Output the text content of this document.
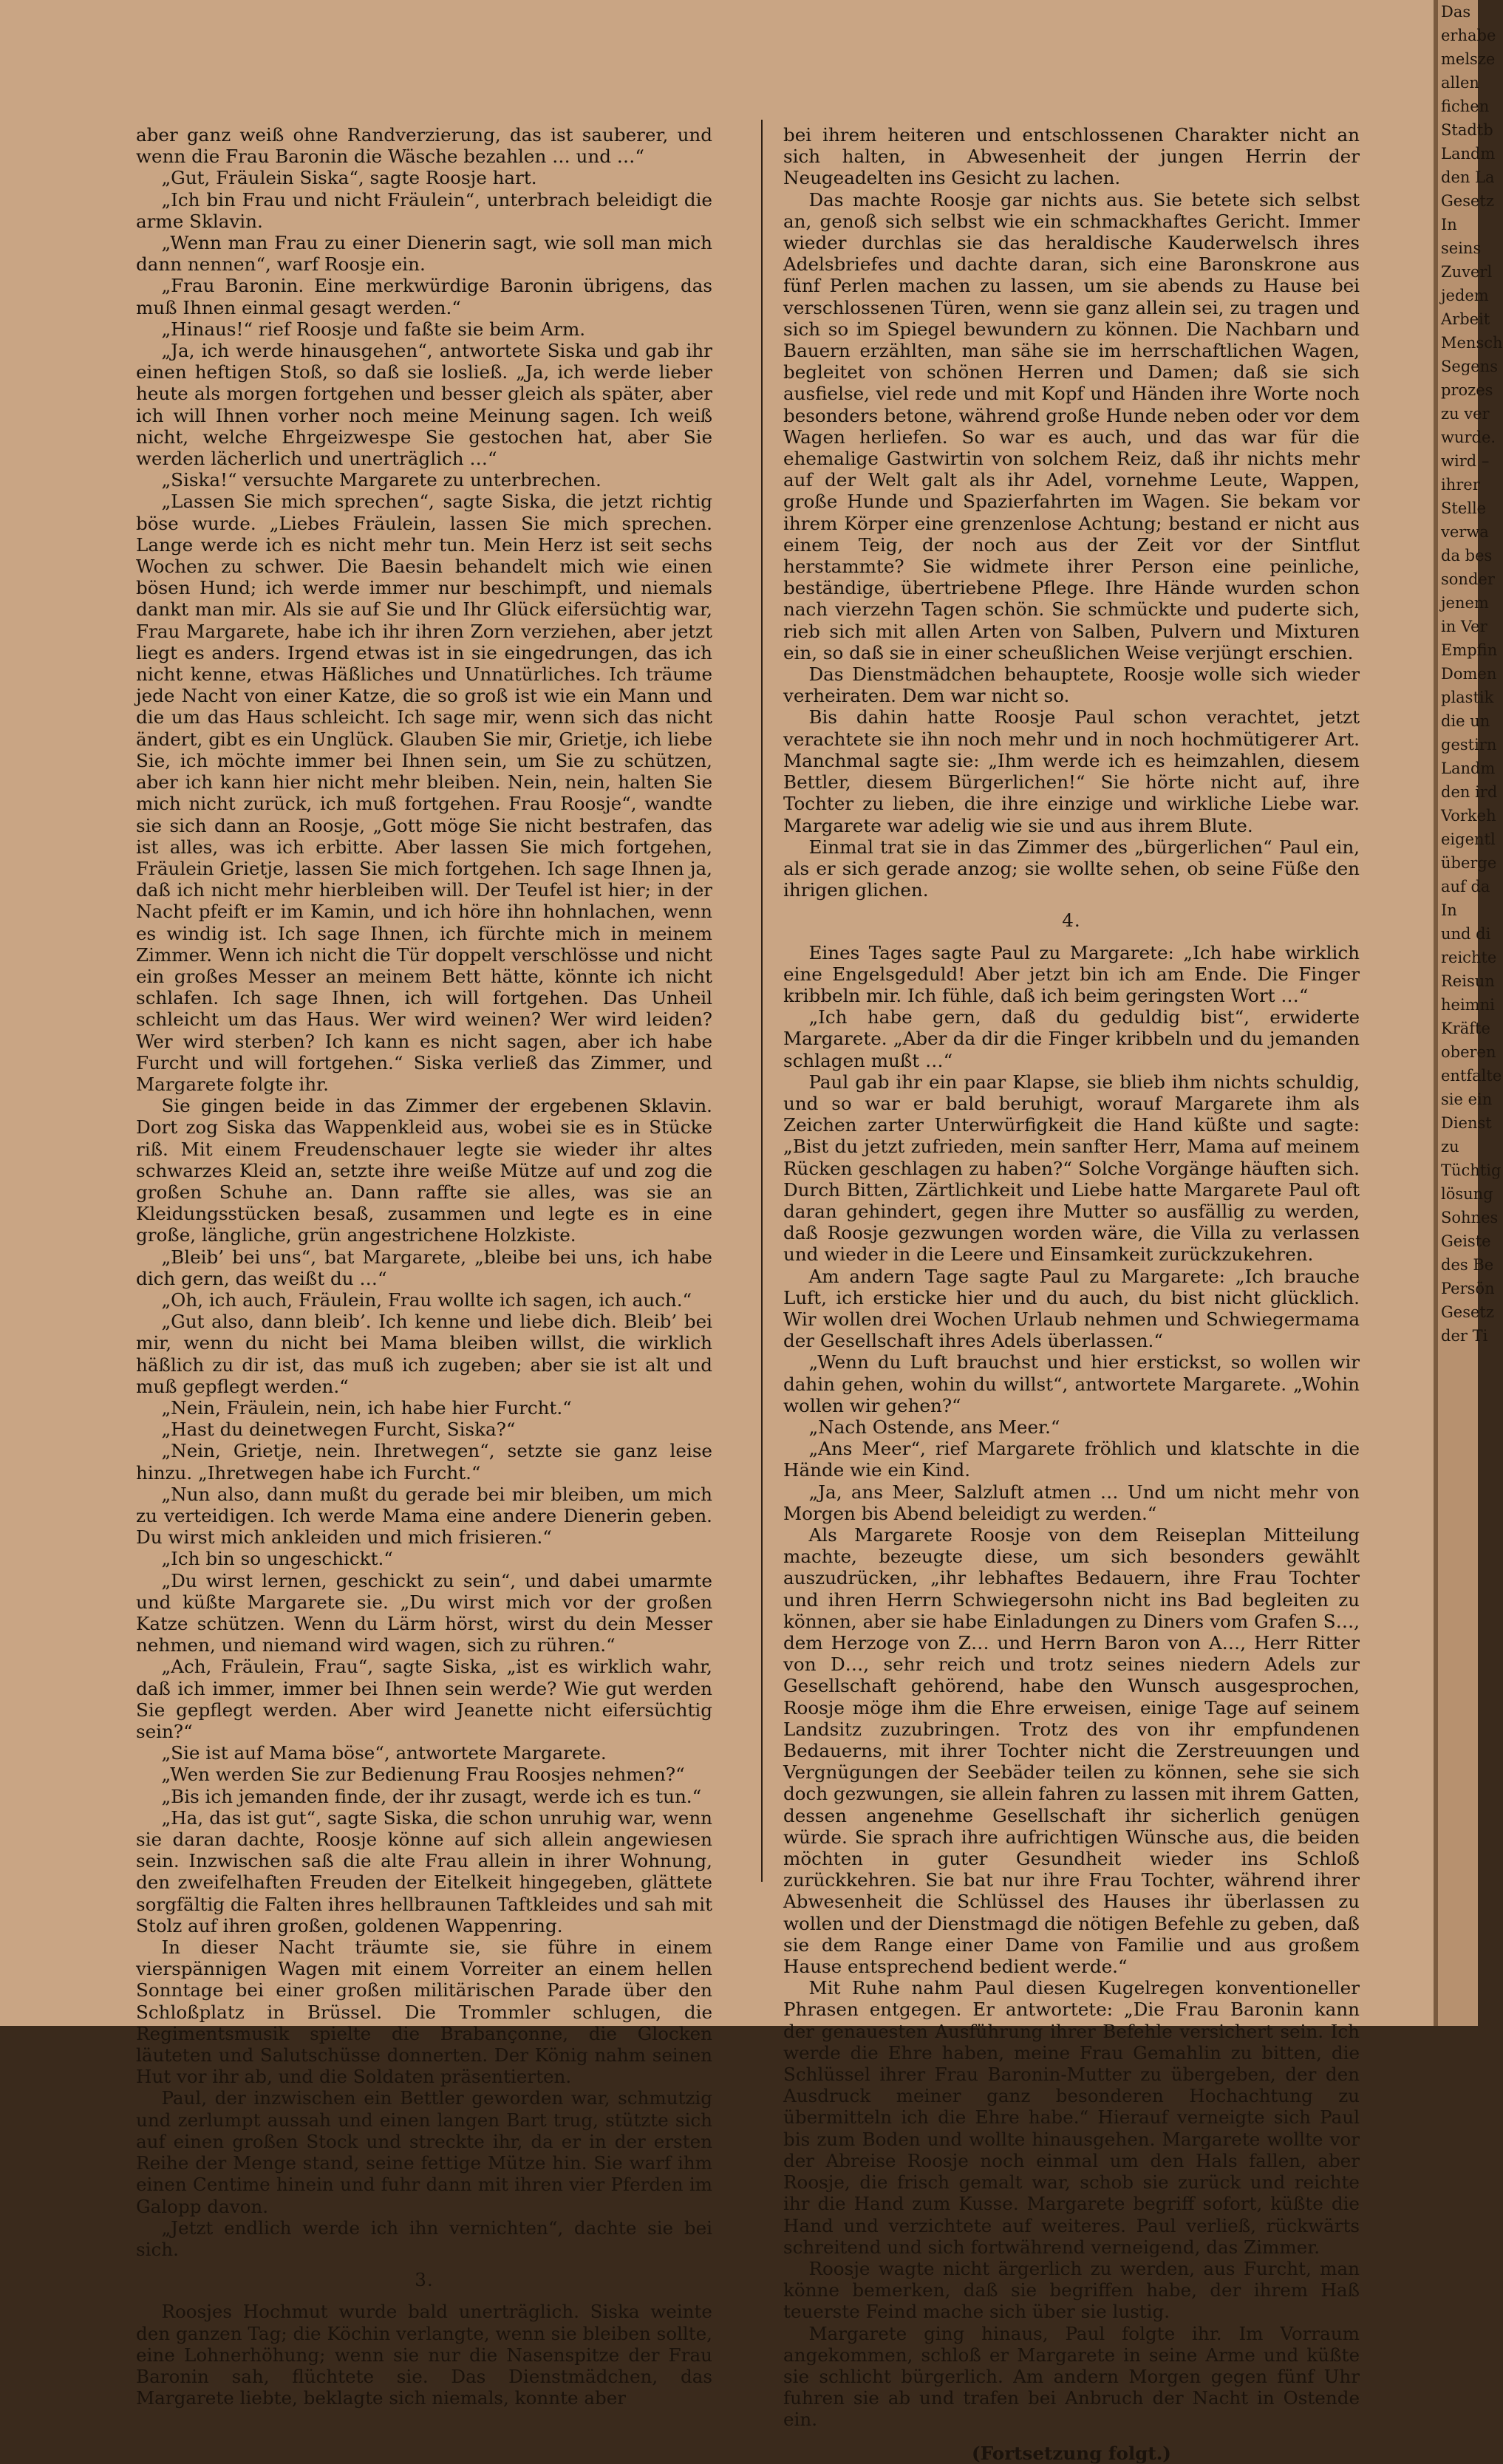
aber ganz weiß ohne Randverzierung, das ist sauberer, und wenn die Frau Baronin die Wäsche bezahlen … und …“

„Gut, Fräulein Siska“, sagte Roosje hart.

„Ich bin Frau und nicht Fräulein“, unterbrach beleidigt die arme Sklavin.

„Wenn man Frau zu einer Dienerin sagt, wie soll man mich dann nennen“, warf Roosje ein.

„Frau Baronin. Eine merkwürdige Baronin übrigens, das muß Ihnen einmal gesagt werden.“

„Hinaus!“ rief Roosje und faßte sie beim Arm.

„Ja, ich werde hinausgehen“, antwortete Siska und gab ihr einen heftigen Stoß, so daß sie losließ. „Ja, ich werde lieber heute als morgen fortgehen und besser gleich als später, aber ich will Ihnen vorher noch meine Meinung sagen. Ich weiß nicht, welche Ehrgeizwespe Sie gestochen hat, aber Sie werden lächerlich und unerträglich …“

„Siska!“ versuchte Margarete zu unterbrechen.

„Lassen Sie mich sprechen“, sagte Siska, die jetzt richtig böse wurde. „Liebes Fräulein, lassen Sie mich sprechen. Lange werde ich es nicht mehr tun. Mein Herz ist seit sechs Wochen zu schwer. Die Baesin behandelt mich wie einen bösen Hund; ich werde immer nur beschimpft, und niemals dankt man mir. Als sie auf Sie und Ihr Glück eifersüchtig war, Frau Margarete, habe ich ihr ihren Zorn verziehen, aber jetzt liegt es anders. Irgend etwas ist in sie eingedrungen, das ich nicht kenne, etwas Häßliches und Unnatürliches. Ich träume jede Nacht von einer Katze, die so groß ist wie ein Mann und die um das Haus schleicht. Ich sage mir, wenn sich das nicht ändert, gibt es ein Unglück. Glauben Sie mir, Grietje, ich liebe Sie, ich möchte immer bei Ihnen sein, um Sie zu schützen, aber ich kann hier nicht mehr bleiben. Nein, nein, halten Sie mich nicht zurück, ich muß fortgehen. Frau Roosje“, wandte sie sich dann an Roosje, „Gott möge Sie nicht bestrafen, das ist alles, was ich erbitte. Aber lassen Sie mich fortgehen, Fräulein Grietje, lassen Sie mich fortgehen. Ich sage Ihnen ja, daß ich nicht mehr hierbleiben will. Der Teufel ist hier; in der Nacht pfeift er im Kamin, und ich höre ihn hohnlachen, wenn es windig ist. Ich sage Ihnen, ich fürchte mich in meinem Zimmer. Wenn ich nicht die Tür doppelt verschlösse und nicht ein großes Messer an meinem Bett hätte, könnte ich nicht schlafen. Ich sage Ihnen, ich will fortgehen. Das Unheil schleicht um das Haus. Wer wird weinen? Wer wird leiden? Wer wird sterben? Ich kann es nicht sagen, aber ich habe Furcht und will fortgehen.“ Siska verließ das Zimmer, und Margarete folgte ihr.

Sie gingen beide in das Zimmer der ergebenen Sklavin. Dort zog Siska das Wappenkleid aus, wobei sie es in Stücke riß. Mit einem Freudenschauer legte sie wieder ihr altes schwarzes Kleid an, setzte ihre weiße Mütze auf und zog die großen Schuhe an. Dann raffte sie alles, was sie an Kleidungsstücken besaß, zusammen und legte es in eine große, längliche, grün angestrichene Holzkiste.

„Bleib’ bei uns“, bat Margarete, „bleibe bei uns, ich habe dich gern, das weißt du …“

„Oh, ich auch, Fräulein, Frau wollte ich sagen, ich auch.“

„Gut also, dann bleib’. Ich kenne und liebe dich. Bleib’ bei mir, wenn du nicht bei Mama bleiben willst, die wirklich häßlich zu dir ist, das muß ich zugeben; aber sie ist alt und muß gepflegt werden.“

„Nein, Fräulein, nein, ich habe hier Furcht.“

„Hast du deinetwegen Furcht, Siska?“

„Nein, Grietje, nein. Ihretwegen“, setzte sie ganz leise hinzu. „Ihretwegen habe ich Furcht.“

„Nun also, dann mußt du gerade bei mir bleiben, um mich zu verteidigen. Ich werde Mama eine andere Dienerin geben. Du wirst mich ankleiden und mich frisieren.“

„Ich bin so ungeschickt.“

„Du wirst lernen, geschickt zu sein“, und dabei umarmte und küßte Margarete sie. „Du wirst mich vor der großen Katze schützen. Wenn du Lärm hörst, wirst du dein Messer nehmen, und niemand wird wagen, sich zu rühren.“

„Ach, Fräulein, Frau“, sagte Siska, „ist es wirklich wahr, daß ich immer, immer bei Ihnen sein werde? Wie gut werden Sie gepflegt werden. Aber wird Jeanette nicht eifersüchtig sein?“

„Sie ist auf Mama böse“, antwortete Margarete.

„Wen werden Sie zur Bedienung Frau Roosjes nehmen?“

„Bis ich jemanden finde, der ihr zusagt, werde ich es tun.“

„Ha, das ist gut“, sagte Siska, die schon unruhig war, wenn sie daran dachte, Roosje könne auf sich allein angewiesen sein. Inzwischen saß die alte Frau allein in ihrer Wohnung, den zweifelhaften Freuden der Eitelkeit hingegeben, glättete sorgfältig die Falten ihres hellbraunen Taftkleides und sah mit Stolz auf ihren großen, goldenen Wappenring.

In dieser Nacht träumte sie, sie führe in einem vierspännigen Wagen mit einem Vorreiter an einem hellen Sonntage bei einer großen militärischen Parade über den Schloßplatz in Brüssel. Die Trommler schlugen, die Regimentsmusik spielte die Brabançonne, die Glocken läuteten und Salutschüsse donnerten. Der König nahm seinen Hut vor ihr ab, und die Soldaten präsentierten.

Paul, der inzwischen ein Bettler geworden war, schmutzig und zerlumpt aussah und einen langen Bart trug, stützte sich auf einen großen Stock und streckte ihr, da er in der ersten Reihe der Menge stand, seine fettige Mütze hin. Sie warf ihm einen Centime hinein und fuhr dann mit ihren vier Pferden im Galopp davon.

„Jetzt endlich werde ich ihn vernichten“, dachte sie bei sich.

3.

Roosjes Hochmut wurde bald unerträglich. Siska weinte den ganzen Tag; die Köchin verlangte, wenn sie bleiben sollte, eine Lohnerhöhung; wenn sie nur die Nasenspitze der Frau Baronin sah, flüchtete sie. Das Dienstmädchen, das Margarete liebte, beklagte sich niemals, konnte aber

bei ihrem heiteren und entschlossenen Charakter nicht an sich halten, in Abwesenheit der jungen Herrin der Neugeadelten ins Gesicht zu lachen.

Das machte Roosje gar nichts aus. Sie betete sich selbst an, genoß sich selbst wie ein schmackhaftes Gericht. Immer wieder durchlas sie das heraldische Kauderwelsch ihres Adelsbriefes und dachte daran, sich eine Baronskrone aus fünf Perlen machen zu lassen, um sie abends zu Hause bei verschlossenen Türen, wenn sie ganz allein sei, zu tragen und sich so im Spiegel bewundern zu können. Die Nachbarn und Bauern erzählten, man sähe sie im herrschaftlichen Wagen, begleitet von schönen Herren und Damen; daß sie sich ausfielse, viel rede und mit Kopf und Händen ihre Worte noch besonders betone, während große Hunde neben oder vor dem Wagen herliefen. So war es auch, und das war für die ehemalige Gastwirtin von solchem Reiz, daß ihr nichts mehr auf der Welt galt als ihr Adel, vornehme Leute, Wappen, große Hunde und Spazierfahrten im Wagen. Sie bekam vor ihrem Körper eine grenzenlose Achtung; bestand er nicht aus einem Teig, der noch aus der Zeit vor der Sintflut herstammte? Sie widmete ihrer Person eine peinliche, beständige, übertriebene Pflege. Ihre Hände wurden schon nach vierzehn Tagen schön. Sie schmückte und puderte sich, rieb sich mit allen Arten von Salben, Pulvern und Mixturen ein, so daß sie in einer scheußlichen Weise verjüngt erschien.

Das Dienstmädchen behauptete, Roosje wolle sich wieder verheiraten. Dem war nicht so.

Bis dahin hatte Roosje Paul schon verachtet, jetzt verachtete sie ihn noch mehr und in noch hochmütigerer Art. Manchmal sagte sie: „Ihm werde ich es heimzahlen, diesem Bettler, diesem Bürgerlichen!“ Sie hörte nicht auf, ihre Tochter zu lieben, die ihre einzige und wirkliche Liebe war. Margarete war adelig wie sie und aus ihrem Blute.

Einmal trat sie in das Zimmer des „bürgerlichen“ Paul ein, als er sich gerade anzog; sie wollte sehen, ob seine Füße den ihrigen glichen.

4.

Eines Tages sagte Paul zu Margarete: „Ich habe wirklich eine Engelsgeduld! Aber jetzt bin ich am Ende. Die Finger kribbeln mir. Ich fühle, daß ich beim geringsten Wort …“

„Ich habe gern, daß du geduldig bist“, erwiderte Margarete. „Aber da dir die Finger kribbeln und du jemanden schlagen mußt …“

Paul gab ihr ein paar Klapse, sie blieb ihm nichts schuldig, und so war er bald beruhigt, worauf Margarete ihm als Zeichen zarter Unterwürfigkeit die Hand küßte und sagte: „Bist du jetzt zufrieden, mein sanfter Herr, Mama auf meinem Rücken geschlagen zu haben?“ Solche Vorgänge häuften sich. Durch Bitten, Zärtlichkeit und Liebe hatte Margarete Paul oft daran gehindert, gegen ihre Mutter so ausfällig zu werden, daß Roosje gezwungen worden wäre, die Villa zu verlassen und wieder in die Leere und Einsamkeit zurückzukehren.

Am andern Tage sagte Paul zu Margarete: „Ich brauche Luft, ich ersticke hier und du auch, du bist nicht glücklich. Wir wollen drei Wochen Urlaub nehmen und Schwiegermama der Gesellschaft ihres Adels überlassen.“

„Wenn du Luft brauchst und hier erstickst, so wollen wir dahin gehen, wohin du willst“, antwortete Margarete. „Wohin wollen wir gehen?“

„Nach Ostende, ans Meer.“

„Ans Meer“, rief Margarete fröhlich und klatschte in die Hände wie ein Kind.

„Ja, ans Meer, Salzluft atmen … Und um nicht mehr von Morgen bis Abend beleidigt zu werden.“

Als Margarete Roosje von dem Reiseplan Mitteilung machte, bezeugte diese, um sich besonders gewählt auszudrücken, „ihr lebhaftes Bedauern, ihre Frau Tochter und ihren Herrn Schwiegersohn nicht ins Bad begleiten zu können, aber sie habe Einladungen zu Diners vom Grafen S…, dem Herzoge von Z… und Herrn Baron von A…, Herr Ritter von D…, sehr reich und trotz seines niedern Adels zur Gesellschaft gehörend, habe den Wunsch ausgesprochen, Roosje möge ihm die Ehre erweisen, einige Tage auf seinem Landsitz zuzubringen. Trotz des von ihr empfundenen Bedauerns, mit ihrer Tochter nicht die Zerstreuungen und Vergnügungen der Seebäder teilen zu können, sehe sie sich doch gezwungen, sie allein fahren zu lassen mit ihrem Gatten, dessen angenehme Gesellschaft ihr sicherlich genügen würde. Sie sprach ihre aufrichtigen Wünsche aus, die beiden möchten in guter Gesundheit wieder ins Schloß zurückkehren. Sie bat nur ihre Frau Tochter, während ihrer Abwesenheit die Schlüssel des Hauses ihr überlassen zu wollen und der Dienstmagd die nötigen Befehle zu geben, daß sie dem Range einer Dame von Familie und aus großem Hause entsprechend bedient werde.“

Mit Ruhe nahm Paul diesen Kugelregen konventioneller Phrasen entgegen. Er antwortete: „Die Frau Baronin kann der genauesten Ausführung ihrer Befehle versichert sein. Ich werde die Ehre haben, meine Frau Gemahlin zu bitten, die Schlüssel ihrer Frau Baronin-Mutter zu übergeben, der den Ausdruck meiner ganz besonderen Hochachtung zu übermitteln ich die Ehre habe.“ Hierauf verneigte sich Paul bis zum Boden und wollte hinausgehen. Margarete wollte vor der Abreise Roosje noch einmal um den Hals fallen, aber Roosje, die frisch gemalt war, schob sie zurück und reichte ihr die Hand zum Kusse. Margarete begriff sofort, küßte die Hand und verzichtete auf weiteres. Paul verließ, rückwärts schreitend und sich fortwährend verneigend, das Zimmer.

Roosje wagte nicht ärgerlich zu werden, aus Furcht, man könne bemerken, daß sie begriffen habe, der ihrem Haß teuerste Feind mache sich über sie lustig.

Margarete ging hinaus, Paul folgte ihr. Im Vorraum angekommen, schloß er Margarete in seine Arme und küßte sie schlicht bürgerlich. Am andern Morgen gegen fünf Uhr fuhren sie ab und trafen bei Anbruch der Nacht in Ostende ein.

(Fortsetzung folgt.)

Das
erhabe
melsze
allen
fichen
Stadtb
Landm
den La
Gesetz
In
seins
Zuverl
jedem
Arbeit
Mensch
Segens
prozes
zu ver
wurde.
wird –
ihrer
Stelle
verwa
da bes
sonder
jenem
in Ver
Empfin
Domen
plastik
die un
gestirn
Landm
den ird
Vorkeh
eigentl
überge
auf da
In
und di
reichte
Reisun
heimni
Kräfte
oberen
entfalte
sie ein
Dienst
zu
Tüchtig
lösung
Sohnes
Geiste
des Be
Persön
Gesetz
der Ti
